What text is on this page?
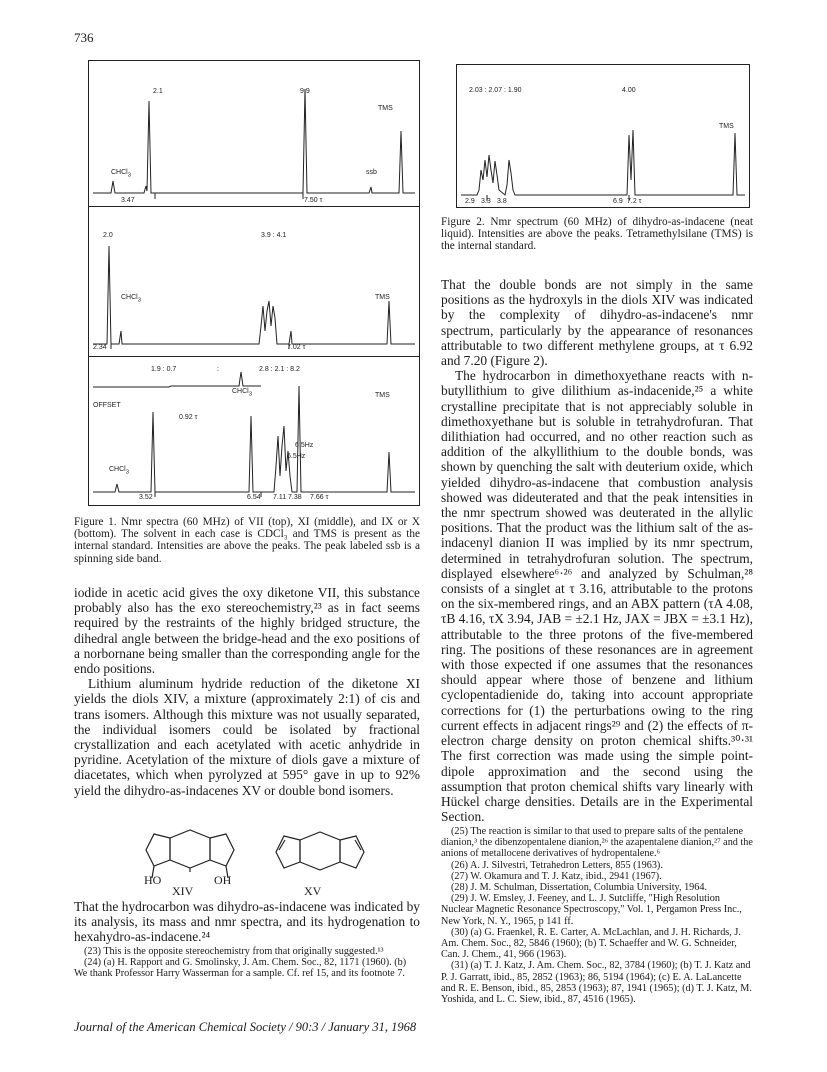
736
2.1	9.9
TMS
CHCl$_3$	ssb
3.47	7.50 τ
2.0	3.9 : 4.1
CHCl$_3$	TMS
2.34	7.02 τ
1.9 : 0.7	:	2.8 : 2.1 : 8.2
CHCl$_3$	TMS
OFFSET
0.92 τ
CHCl$_3$
6.5Hz
6.5Hz
3.52	6.54 7.11 7.38 7.66 τ
Figure 1. Nmr spectra (60 MHz) of VII (top), XI (middle), and IX or X (bottom). The solvent in each case is CDCl₃ and TMS is present as the internal standard. Intensities are above the peaks. The peak labeled ssb is a spinning side band.
2.03 : 2.07 : 1.90	4.00
TMS
2.9 3.3 3.8	6.9 7.2 τ
Figure 2. Nmr spectrum (60 MHz) of dihydro-as-indacene (neat liquid). Intensities are above the peaks. Tetramethylsilane (TMS) is the internal standard.

iodide in acetic acid gives the oxy diketone VII, this substance probably also has the exo stereochemistry,²³ as in fact seems required by the restraints of the highly bridged structure, the dihedral angle between the bridge-head and the exo positions of a norbornane being smaller than the corresponding angle for the endo positions.

Lithium aluminum hydride reduction of the diketone XI yields the diols XIV, a mixture (approximately 2:1) of cis and trans isomers. Although this mixture was not usually separated, the individual isomers could be isolated by fractional crystallization and each acetylated with acetic anhydride in pyridine. Acetylation of the mixture of diols gave a mixture of diacetates, which when pyrolyzed at 595° gave in up to 92% yield the dihydro-as-indacenes XV or double bond isomers.

HO	OH
XIV	XV

That the hydrocarbon was dihydro-as-indacene was indicated by its analysis, its mass and nmr spectra, and its hydrogenation to hexahydro-as-indacene.²⁴

(23) This is the opposite stereochemistry from that originally suggested.¹³

(24) (a) H. Rapport and G. Smolinsky, J. Am. Chem. Soc., 82, 1171 (1960). (b) We thank Professor Harry Wasserman for a sample. Cf. ref 15, and its footnote 7.

That the double bonds are not simply in the same positions as the hydroxyls in the diols XIV was indicated by the complexity of dihydro-as-indacene's nmr spectrum, particularly by the appearance of resonances attributable to two different methylene groups, at τ 6.92 and 7.20 (Figure 2).

The hydrocarbon in dimethoxyethane reacts with n-butyllithium to give dilithium as-indacenide,²⁵ a white crystalline precipitate that is not appreciably soluble in dimethoxyethane but is soluble in tetrahydrofuran. That dilithiation had occurred, and no other reaction such as addition of the alkyllithium to the double bonds, was shown by quenching the salt with deuterium oxide, which yielded dihydro-as-indacene that combustion analysis showed was dideuterated and that the peak intensities in the nmr spectrum showed was deuterated in the allylic positions. That the product was the lithium salt of the as-indacenyl dianion II was implied by its nmr spectrum, determined in tetrahydrofuran solution. The spectrum, displayed elsewhere⁶·²⁶ and analyzed by Schulman,²⁸ consists of a singlet at τ 3.16, attributable to the protons on the six-membered rings, and an ABX pattern (τA 4.08, τB 4.16, τX 3.94, JAB = ±2.1 Hz, JAX = JBX = ±3.1 Hz), attributable to the three protons of the five-membered ring. The positions of these resonances are in agreement with those expected if one assumes that the resonances should appear where those of benzene and lithium cyclopentadienide do, taking into account appropriate corrections for (1) the perturbations owing to the ring current effects in adjacent rings²⁹ and (2) the effects of π-electron charge density on proton chemical shifts.³⁰·³¹ The first correction was made using the simple point-dipole approximation and the second using the assumption that proton chemical shifts vary linearly with Hückel charge densities. Details are in the Experimental Section.

(25) The reaction is similar to that used to prepare salts of the pentalene dianion,³ the dibenzopentalene dianion,²⁶ the azapentalene dianion,²⁷ and the anions of metallocene derivatives of hydropentalene.⁶

(26) A. J. Silvestri, Tetrahedron Letters, 855 (1963).

(27) W. Okamura and T. J. Katz, ibid., 2941 (1967).

(28) J. M. Schulman, Dissertation, Columbia University, 1964.

(29) J. W. Emsley, J. Feeney, and L. J. Sutcliffe, "High Resolution Nuclear Magnetic Resonance Spectroscopy," Vol. 1, Pergamon Press Inc., New York, N. Y., 1965, p 141 ff.

(30) (a) G. Fraenkel, R. E. Carter, A. McLachlan, and J. H. Richards, J. Am. Chem. Soc., 82, 5846 (1960); (b) T. Schaeffer and W. G. Schneider, Can. J. Chem., 41, 966 (1963).

(31) (a) T. J. Katz, J. Am. Chem. Soc., 82, 3784 (1960); (b) T. J. Katz and P. J. Garratt, ibid., 85, 2852 (1963); 86, 5194 (1964); (c) E. A. LaLancette and R. E. Benson, ibid., 85, 2853 (1963); 87, 1941 (1965); (d) T. J. Katz, M. Yoshida, and L. C. Siew, ibid., 87, 4516 (1965).

Journal of the American Chemical Society / 90:3 / January 31, 1968
